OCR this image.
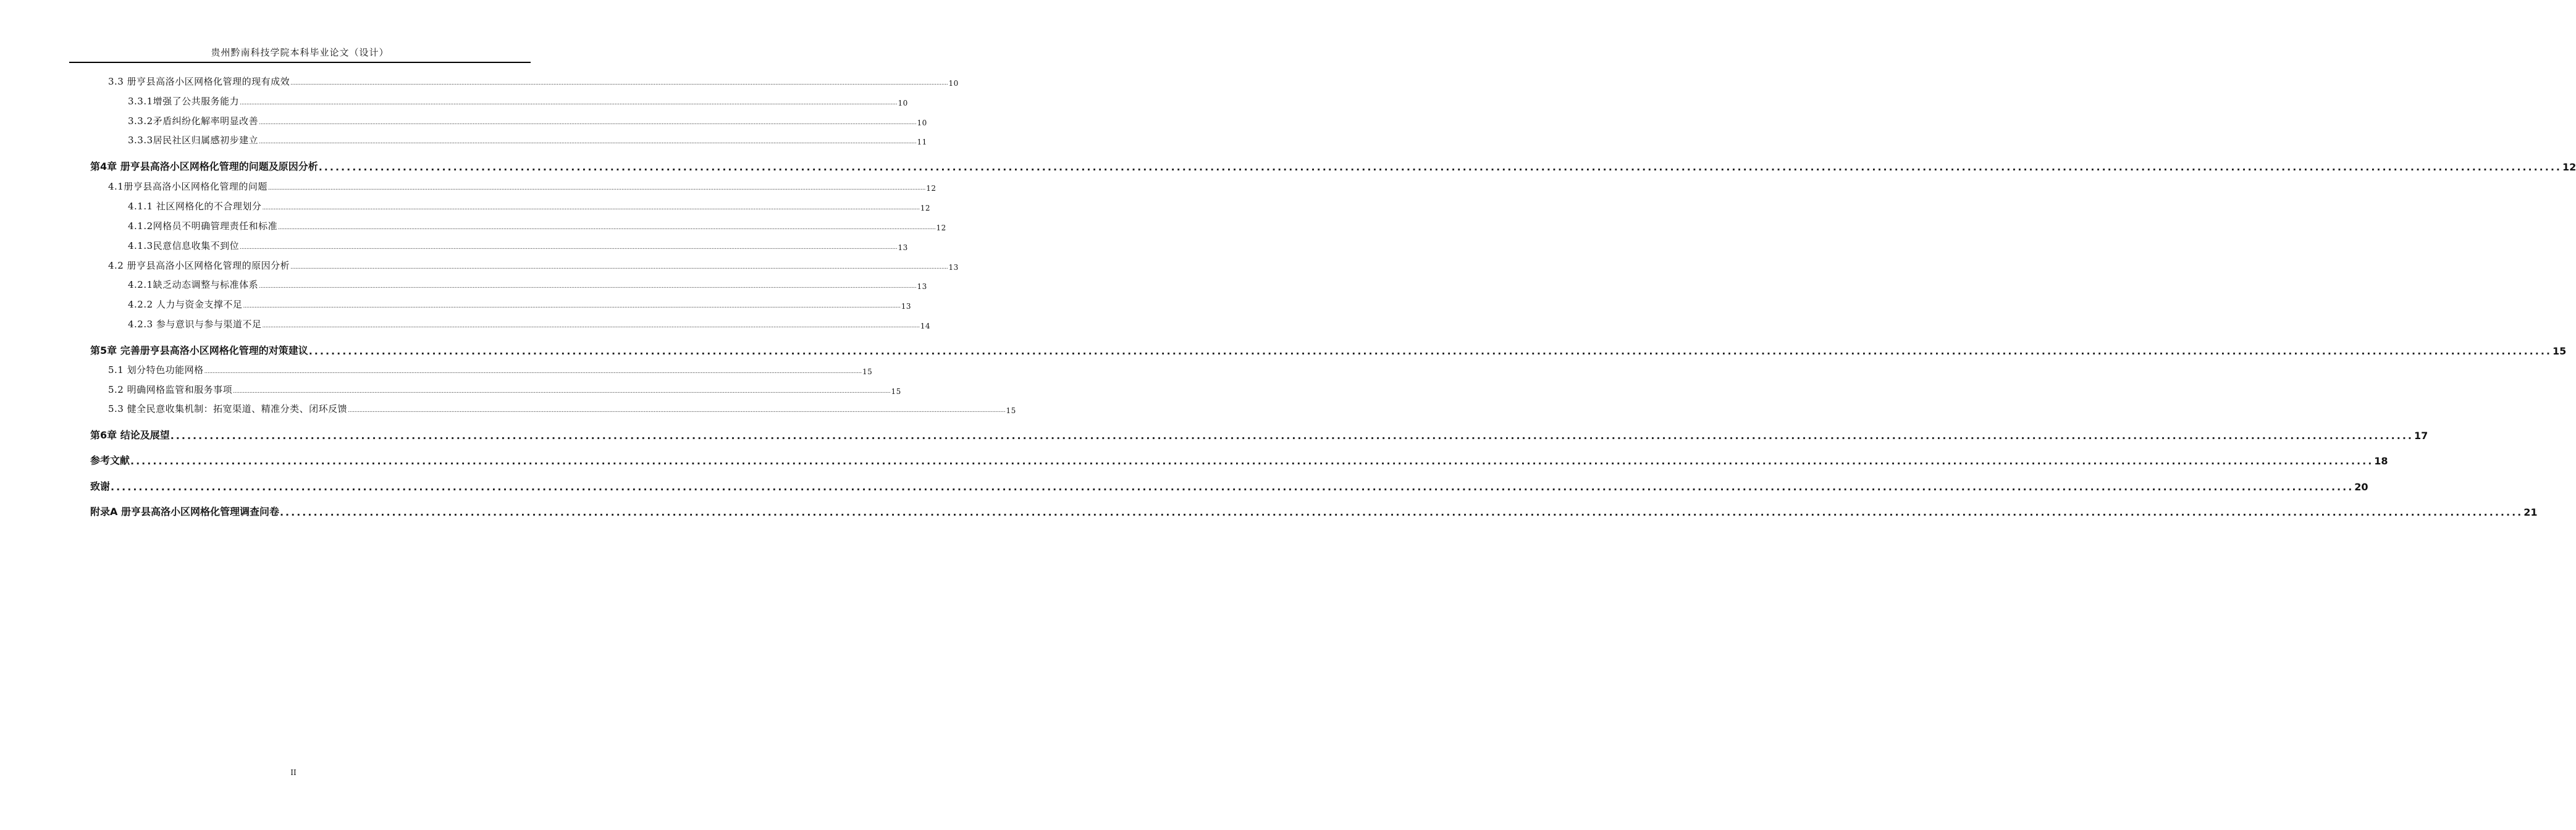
贵州黔南科技学院本科毕业论文（设计）
3.3 册亨县高洛小区网格化管理的现有成效 ................................................................................................................................................................................................................................................................................................................................................................................................................ 10
3.3.1增强了公共服务能力 ................................................................................................................................................................................................................................................................................................................................................................................................................ 10
3.3.2矛盾纠纷化解率明显改善 ................................................................................................................................................................................................................................................................................................................................................................................................................ 10
3.3.3居民社区归属感初步建立 ................................................................................................................................................................................................................................................................................................................................................................................................................ 11
第4章 册亨县高洛小区网格化管理的问题及原因分析 ................................................................................................................................................................................................................................................................................................................................................................................................................ 12
4.1册亨县高洛小区网格化管理的问题 ................................................................................................................................................................................................................................................................................................................................................................................................................ 12
4.1.1 社区网格化的不合理划分 ................................................................................................................................................................................................................................................................................................................................................................................................................ 12
4.1.2网格员不明确管理责任和标准 ................................................................................................................................................................................................................................................................................................................................................................................................................ 12
4.1.3民意信息收集不到位 ................................................................................................................................................................................................................................................................................................................................................................................................................ 13
4.2 册亨县高洛小区网格化管理的原因分析 ................................................................................................................................................................................................................................................................................................................................................................................................................ 13
4.2.1缺乏动态调整与标准体系 ................................................................................................................................................................................................................................................................................................................................................................................................................ 13
4.2.2 人力与资金支撑不足 ................................................................................................................................................................................................................................................................................................................................................................................................................ 13
4.2.3 参与意识与参与渠道不足 ................................................................................................................................................................................................................................................................................................................................................................................................................ 14
第5章 完善册亨县高洛小区网格化管理的对策建议 ................................................................................................................................................................................................................................................................................................................................................................................................................ 15
5.1 划分特色功能网格 ................................................................................................................................................................................................................................................................................................................................................................................................................ 15
5.2 明确网格监管和服务事项 ................................................................................................................................................................................................................................................................................................................................................................................................................ 15
5.3 健全民意收集机制：拓宽渠道、精准分类、闭环反馈 ................................................................................................................................................................................................................................................................................................................................................................................................................ 15
第6章 结论及展望 ................................................................................................................................................................................................................................................................................................................................................................................................................ 17
参考文献 ................................................................................................................................................................................................................................................................................................................................................................................................................ 18
致谢 ................................................................................................................................................................................................................................................................................................................................................................................................................ 20
附录A 册亨县高洛小区网格化管理调查问卷 ................................................................................................................................................................................................................................................................................................................................................................................................................ 21
II
